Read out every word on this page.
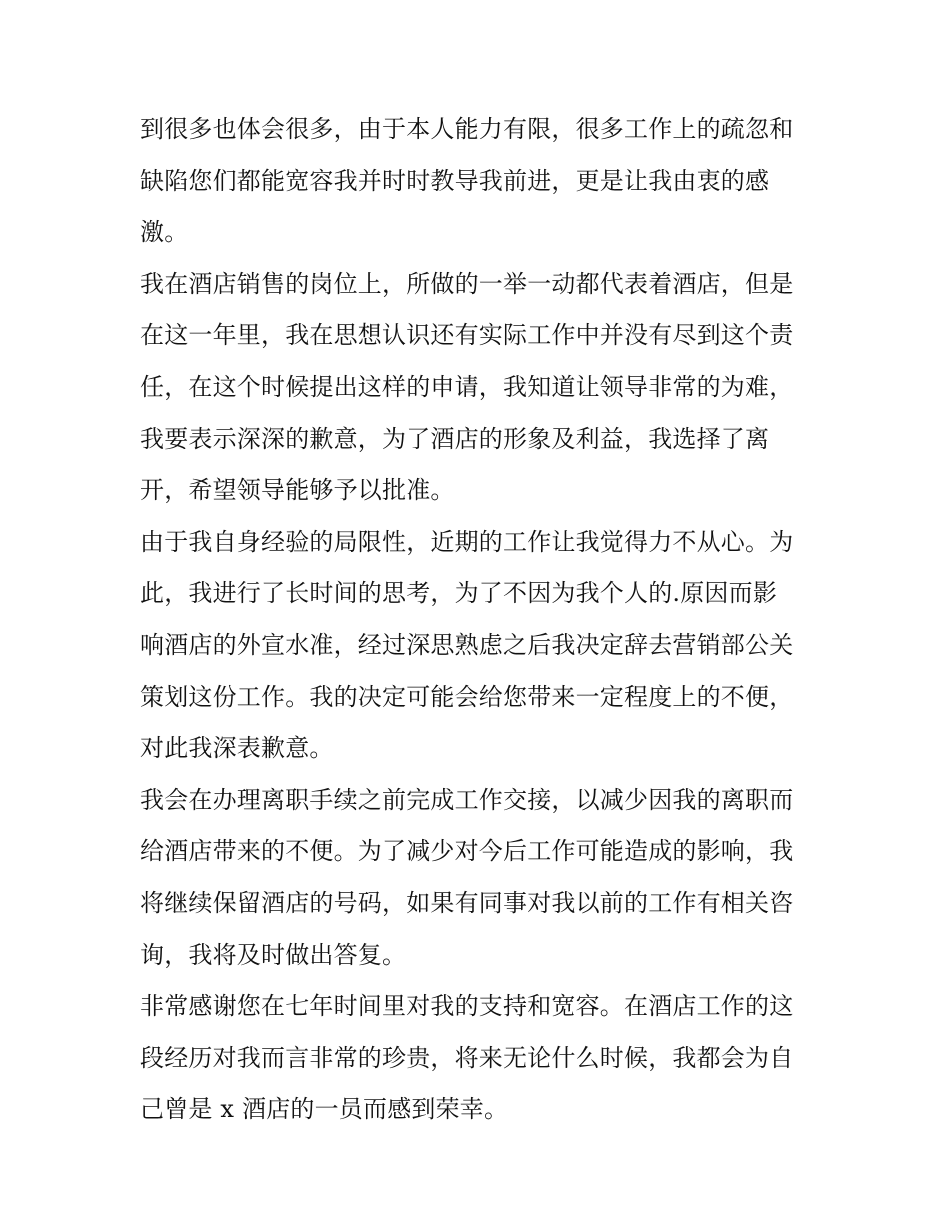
到很多也体会很多，由于本人能力有限，很多工作上的疏忽和
缺陷您们都能宽容我并时时教导我前进，更是让我由衷的感
激。
我在酒店销售的岗位上，所做的一举一动都代表着酒店，但是
在这一年里，我在思想认识还有实际工作中并没有尽到这个责
任，在这个时候提出这样的申请，我知道让领导非常的为难，
我要表示深深的歉意，为了酒店的形象及利益，我选择了离
开，希望领导能够予以批准。
由于我自身经验的局限性，近期的工作让我觉得力不从心。为
此，我进行了长时间的思考，为了不因为我个人的.原因而影
响酒店的外宣水准，经过深思熟虑之后我决定辞去营销部公关
策划这份工作。我的决定可能会给您带来一定程度上的不便，
对此我深表歉意。
我会在办理离职手续之前完成工作交接，以减少因我的离职而
给酒店带来的不便。为了减少对今后工作可能造成的影响，我
将继续保留酒店的号码，如果有同事对我以前的工作有相关咨
询，我将及时做出答复。
非常感谢您在七年时间里对我的支持和宽容。在酒店工作的这
段经历对我而言非常的珍贵，将来无论什么时候，我都会为自
己曾是 x 酒店的一员而感到荣幸。
